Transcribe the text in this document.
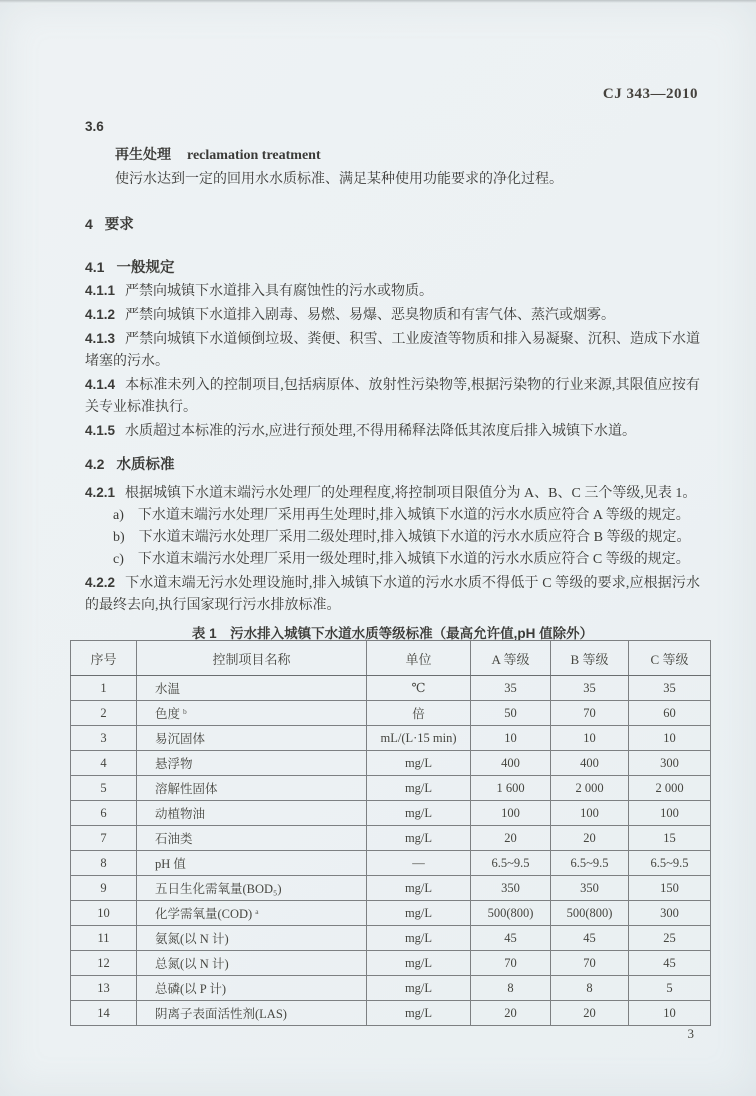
CJ 343—2010

3.6

再生处理 reclamation treatment

使污水达到一定的回用水水质标准、满足某种使用功能要求的净化过程。

4 要求

4.1 一般规定

4.1.1 严禁向城镇下水道排入具有腐蚀性的污水或物质。

4.1.2 严禁向城镇下水道排入剧毒、易燃、易爆、恶臭物质和有害气体、蒸汽或烟雾。

4.1.3 严禁向城镇下水道倾倒垃圾、粪便、积雪、工业废渣等物质和排入易凝聚、沉积、造成下水道堵塞的污水。

4.1.4 本标准未列入的控制项目,包括病原体、放射性污染物等,根据污染物的行业来源,其限值应按有关专业标准执行。

4.1.5 水质超过本标准的污水,应进行预处理,不得用稀释法降低其浓度后排入城镇下水道。

4.2 水质标准

4.2.1 根据城镇下水道末端污水处理厂的处理程度,将控制项目限值分为 A、B、C 三个等级,见表 1。

a) 下水道末端污水处理厂采用再生处理时,排入城镇下水道的污水水质应符合 A 等级的规定。

b) 下水道末端污水处理厂采用二级处理时,排入城镇下水道的污水水质应符合 B 等级的规定。

c) 下水道末端污水处理厂采用一级处理时,排入城镇下水道的污水水质应符合 C 等级的规定。

4.2.2 下水道末端无污水处理设施时,排入城镇下水道的污水水质不得低于 C 等级的要求,应根据污水的最终去向,执行国家现行污水排放标准。

表 1　污水排入城镇下水道水质等级标准（最高允许值,pH 值除外）

序号	控制项目名称	单位	A 等级	B 等级	C 等级
1	水温	℃	35	35	35
2	色度 $^b$	倍	50	70	60
3	易沉固体	mL/(L·15 min)	10	10	10
4	悬浮物	mg/L	400	400	300
5	溶解性固体	mg/L	1 600	2 000	2 000
6	动植物油	mg/L	100	100	100
7	石油类	mg/L	20	20	15
8	pH 值	—	6.5~9.5	6.5~9.5	6.5~9.5
9	五日生化需氧量(BOD₅)	mg/L	350	350	150
10	化学需氧量(COD) $^a$	mg/L	500(800)	500(800)	300
11	氨氮(以 N 计)	mg/L	45	45	25
12	总氮(以 N 计)	mg/L	70	70	45
13	总磷(以 P 计)	mg/L	8	8	5
14	阴离子表面活性剂(LAS)	mg/L	20	20	10
3
